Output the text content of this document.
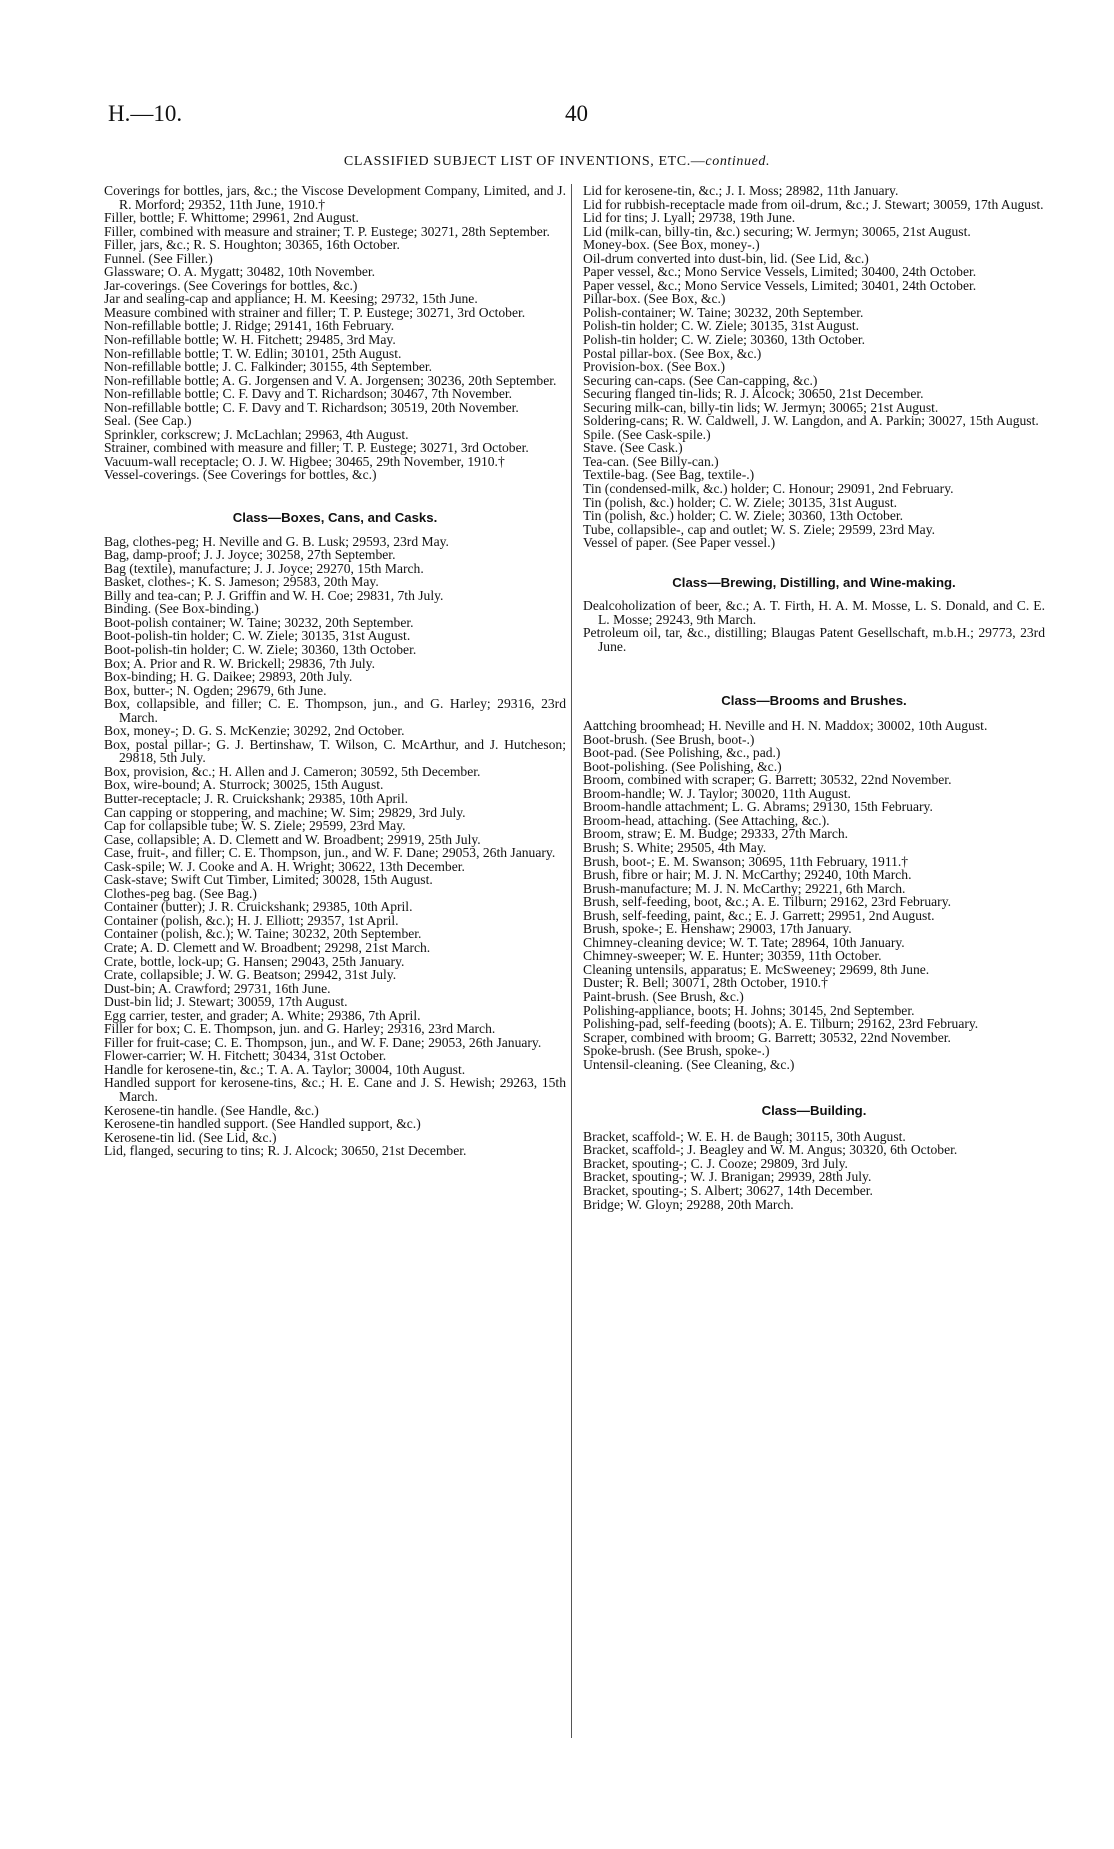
H.—10.	40
CLASSIFIED SUBJECT LIST OF INVENTIONS, ETC.—continued.

Coverings for bottles, jars, &c.; the Viscose Development Company, Limited, and J. R. Morford; 29352, 11th June, 1910.†

Filler, bottle; F. Whittome; 29961, 2nd August.

Filler, combined with measure and strainer; T. P. Eustege; 30271, 28th September.

Filler, jars, &c.; R. S. Houghton; 30365, 16th October.

Funnel. (See Filler.)

Glassware; O. A. Mygatt; 30482, 10th November.

Jar-coverings. (See Coverings for bottles, &c.)

Jar and sealing-cap and appliance; H. M. Keesing; 29732, 15th June.

Measure combined with strainer and filler; T. P. Eustege; 30271, 3rd October.

Non-refillable bottle; J. Ridge; 29141, 16th February.

Non-refillable bottle; W. H. Fitchett; 29485, 3rd May.

Non-refillable bottle; T. W. Edlin; 30101, 25th August.

Non-refillable bottle; J. C. Falkinder; 30155, 4th September.

Non-refillable bottle; A. G. Jorgensen and V. A. Jorgensen; 30236, 20th September.

Non-refillable bottle; C. F. Davy and T. Richardson; 30467, 7th November.

Non-refillable bottle; C. F. Davy and T. Richardson; 30519, 20th November.

Seal. (See Cap.)

Sprinkler, corkscrew; J. McLachlan; 29963, 4th August.

Strainer, combined with measure and filler; T. P. Eustege; 30271, 3rd October.

Vacuum-wall receptacle; O. J. W. Higbee; 30465, 29th November, 1910.†

Vessel-coverings. (See Coverings for bottles, &c.)

Class—Boxes, Cans, and Casks.

Bag, clothes-peg; H. Neville and G. B. Lusk; 29593, 23rd May.

Bag, damp-proof; J. J. Joyce; 30258, 27th September.

Bag (textile), manufacture; J. J. Joyce; 29270, 15th March.

Basket, clothes-; K. S. Jameson; 29583, 20th May.

Billy and tea-can; P. J. Griffin and W. H. Coe; 29831, 7th July.

Binding. (See Box-binding.)

Boot-polish container; W. Taine; 30232, 20th September.

Boot-polish-tin holder; C. W. Ziele; 30135, 31st August.

Boot-polish-tin holder; C. W. Ziele; 30360, 13th October.

Box; A. Prior and R. W. Brickell; 29836, 7th July.

Box-binding; H. G. Daikee; 29893, 20th July.

Box, butter-; N. Ogden; 29679, 6th June.

Box, collapsible, and filler; C. E. Thompson, jun., and G. Harley; 29316, 23rd March.

Box, money-; D. G. S. McKenzie; 30292, 2nd October.

Box, postal pillar-; G. J. Bertinshaw, T. Wilson, C. McArthur, and J. Hutcheson; 29818, 5th July.

Box, provision, &c.; H. Allen and J. Cameron; 30592, 5th December.

Box, wire-bound; A. Sturrock; 30025, 15th August.

Butter-receptacle; J. R. Cruickshank; 29385, 10th April.

Can capping or stoppering, and machine; W. Sim; 29829, 3rd July.

Cap for collapsible tube; W. S. Ziele; 29599, 23rd May.

Case, collapsible; A. D. Clemett and W. Broadbent; 29919, 25th July.

Case, fruit-, and filler; C. E. Thompson, jun., and W. F. Dane; 29053, 26th January.

Cask-spile; W. J. Cooke and A. H. Wright; 30622, 13th December.

Cask-stave; Swift Cut Timber, Limited; 30028, 15th August.

Clothes-peg bag. (See Bag.)

Container (butter); J. R. Cruickshank; 29385, 10th April.

Container (polish, &c.); H. J. Elliott; 29357, 1st April.

Container (polish, &c.); W. Taine; 30232, 20th September.

Crate; A. D. Clemett and W. Broadbent; 29298, 21st March.

Crate, bottle, lock-up; G. Hansen; 29043, 25th January.

Crate, collapsible; J. W. G. Beatson; 29942, 31st July.

Dust-bin; A. Crawford; 29731, 16th June.

Dust-bin lid; J. Stewart; 30059, 17th August.

Egg carrier, tester, and grader; A. White; 29386, 7th April.

Filler for box; C. E. Thompson, jun. and G. Harley; 29316, 23rd March.

Filler for fruit-case; C. E. Thompson, jun., and W. F. Dane; 29053, 26th January.

Flower-carrier; W. H. Fitchett; 30434, 31st October.

Handle for kerosene-tin, &c.; T. A. A. Taylor; 30004, 10th August.

Handled support for kerosene-tins, &c.; H. E. Cane and J. S. Hewish; 29263, 15th March.

Kerosene-tin handle. (See Handle, &c.)

Kerosene-tin handled support. (See Handled support, &c.)

Kerosene-tin lid. (See Lid, &c.)

Lid, flanged, securing to tins; R. J. Alcock; 30650, 21st December.

Lid for kerosene-tin, &c.; J. I. Moss; 28982, 11th January.

Lid for rubbish-receptacle made from oil-drum, &c.; J. Stewart; 30059, 17th August.

Lid for tins; J. Lyall; 29738, 19th June.

Lid (milk-can, billy-tin, &c.) securing; W. Jermyn; 30065, 21st August.

Money-box. (See Box, money-.)

Oil-drum converted into dust-bin, lid. (See Lid, &c.)

Paper vessel, &c.; Mono Service Vessels, Limited; 30400, 24th October.

Paper vessel, &c.; Mono Service Vessels, Limited; 30401, 24th October.

Pillar-box. (See Box, &c.)

Polish-container; W. Taine; 30232, 20th September.

Polish-tin holder; C. W. Ziele; 30135, 31st August.

Polish-tin holder; C. W. Ziele; 30360, 13th October.

Postal pillar-box. (See Box, &c.)

Provision-box. (See Box.)

Securing can-caps. (See Can-capping, &c.)

Securing flanged tin-lids; R. J. Alcock; 30650, 21st December.

Securing milk-can, billy-tin lids; W. Jermyn; 30065; 21st August.

Soldering-cans; R. W. Caldwell, J. W. Langdon, and A. Parkin; 30027, 15th August.

Spile. (See Cask-spile.)

Stave. (See Cask.)

Tea-can. (See Billy-can.)

Textile-bag. (See Bag, textile-.)

Tin (condensed-milk, &c.) holder; C. Honour; 29091, 2nd February.

Tin (polish, &c.) holder; C. W. Ziele; 30135, 31st August.

Tin (polish, &c.) holder; C. W. Ziele; 30360, 13th October.

Tube, collapsible-, cap and outlet; W. S. Ziele; 29599, 23rd May.

Vessel of paper. (See Paper vessel.)

Class—Brewing, Distilling, and Wine-making.

Dealcoholization of beer, &c.; A. T. Firth, H. A. M. Mosse, L. S. Donald, and C. E. L. Mosse; 29243, 9th March.

Petroleum oil, tar, &c., distilling; Blaugas Patent Gesellschaft, m.b.H.; 29773, 23rd June.

Class—Brooms and Brushes.

Aattching broomhead; H. Neville and H. N. Maddox; 30002, 10th August.

Boot-brush. (See Brush, boot-.)

Boot-pad. (See Polishing, &c., pad.)

Boot-polishing. (See Polishing, &c.)

Broom, combined with scraper; G. Barrett; 30532, 22nd November.

Broom-handle; W. J. Taylor; 30020, 11th August.

Broom-handle attachment; L. G. Abrams; 29130, 15th February.

Broom-head, attaching. (See Attaching, &c.).

Broom, straw; E. M. Budge; 29333, 27th March.

Brush; S. White; 29505, 4th May.

Brush, boot-; E. M. Swanson; 30695, 11th February, 1911.†

Brush, fibre or hair; M. J. N. McCarthy; 29240, 10th March.

Brush-manufacture; M. J. N. McCarthy; 29221, 6th March.

Brush, self-feeding, boot, &c.; A. E. Tilburn; 29162, 23rd February.

Brush, self-feeding, paint, &c.; E. J. Garrett; 29951, 2nd August.

Brush, spoke-; E. Henshaw; 29003, 17th January.

Chimney-cleaning device; W. T. Tate; 28964, 10th January.

Chimney-sweeper; W. E. Hunter; 30359, 11th October.

Cleaning untensils, apparatus; E. McSweeney; 29699, 8th June.

Duster; R. Bell; 30071, 28th October, 1910.†

Paint-brush. (See Brush, &c.)

Polishing-appliance, boots; H. Johns; 30145, 2nd September.

Polishing-pad, self-feeding (boots); A. E. Tilburn; 29162, 23rd February.

Scraper, combined with broom; G. Barrett; 30532, 22nd November.

Spoke-brush. (See Brush, spoke-.)

Untensil-cleaning. (See Cleaning, &c.)

Class—Building.

Bracket, scaffold-; W. E. H. de Baugh; 30115, 30th August.

Bracket, scaffold-; J. Beagley and W. M. Angus; 30320, 6th October.

Bracket, spouting-; C. J. Cooze; 29809, 3rd July.

Bracket, spouting-; W. J. Branigan; 29939, 28th July.

Bracket, spouting-; S. Albert; 30627, 14th December.

Bridge; W. Gloyn; 29288, 20th March.
